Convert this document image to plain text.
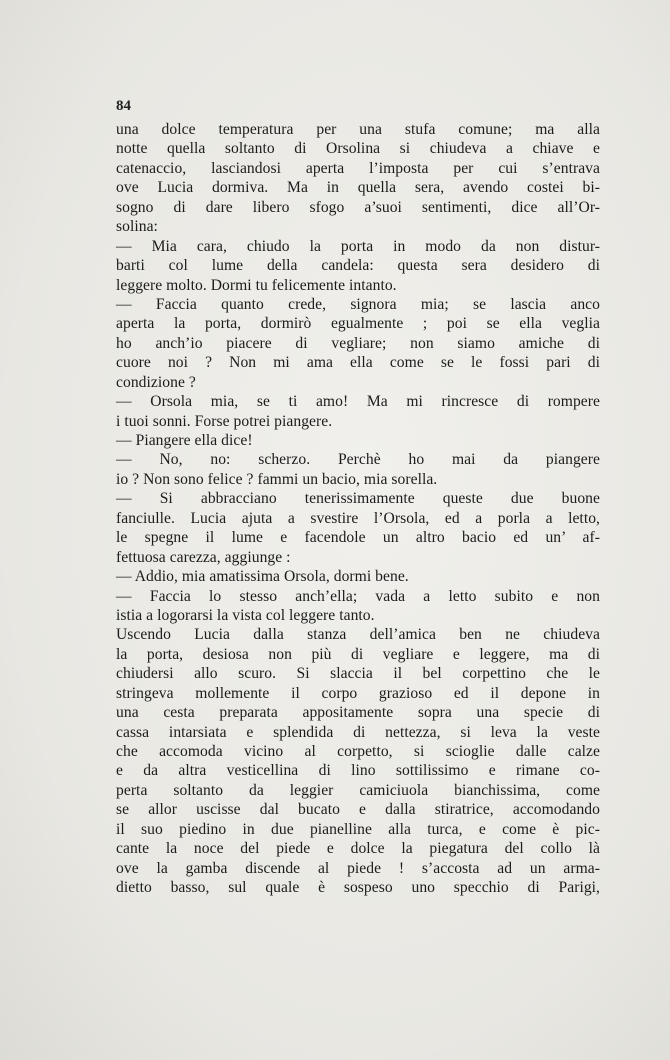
84
una dolce temperatura per una stufa comune; ma alla
notte quella soltanto di Orsolina si chiudeva a chiave e
catenaccio, lasciandosi aperta l’imposta per cui s’entrava
ove Lucia dormiva. Ma in quella sera, avendo costei bi-
sogno di dare libero sfogo a’suoi sentimenti, dice all’Or-
solina:
— Mia cara, chiudo la porta in modo da non distur-
barti col lume della candela: questa sera desidero di
leggere molto. Dormi tu felicemente intanto.
— Faccia quanto crede, signora mia; se lascia anco
aperta la porta, dormirò egualmente ; poi se ella veglia
ho anch’io piacere di vegliare; non siamo amiche di
cuore noi ? Non mi ama ella come se le fossi pari di
condizione ?
— Orsola mia, se ti amo! Ma mi rincresce di rompere
i tuoi sonni. Forse potrei piangere.
— Piangere ella dice!
— No, no: scherzo. Perchè ho mai da piangere
io ? Non sono felice ? fammi un bacio, mia sorella.
— Si abbracciano tenerissimamente queste due buone
fanciulle. Lucia ajuta a svestire l’Orsola, ed a porla a letto,
le spegne il lume e facendole un altro bacio ed un’ af-
fettuosa carezza, aggiunge :
— Addio, mia amatissima Orsola, dormi bene.
— Faccia lo stesso anch’ella; vada a letto subito e non
istia a logorarsi la vista col leggere tanto.
Uscendo Lucia dalla stanza dell’amica ben ne chiudeva
la porta, desiosa non più di vegliare e leggere, ma di
chiudersi allo scuro. Si slaccia il bel corpettino che le
stringeva mollemente il corpo grazioso ed il depone in
una cesta preparata appositamente sopra una specie di
cassa intarsiata e splendida di nettezza, si leva la veste
che accomoda vicino al corpetto, si scioglie dalle calze
e da altra vesticellina di lino sottilissimo e rimane co-
perta soltanto da leggier camiciuola bianchissima, come
se allor uscisse dal bucato e dalla stiratrice, accomodando
il suo piedino in due pianelline alla turca, e come è pic-
cante la noce del piede e dolce la piegatura del collo là
ove la gamba discende al piede ! s’accosta ad un arma-
dietto basso, sul quale è sospeso uno specchio di Parigi,
